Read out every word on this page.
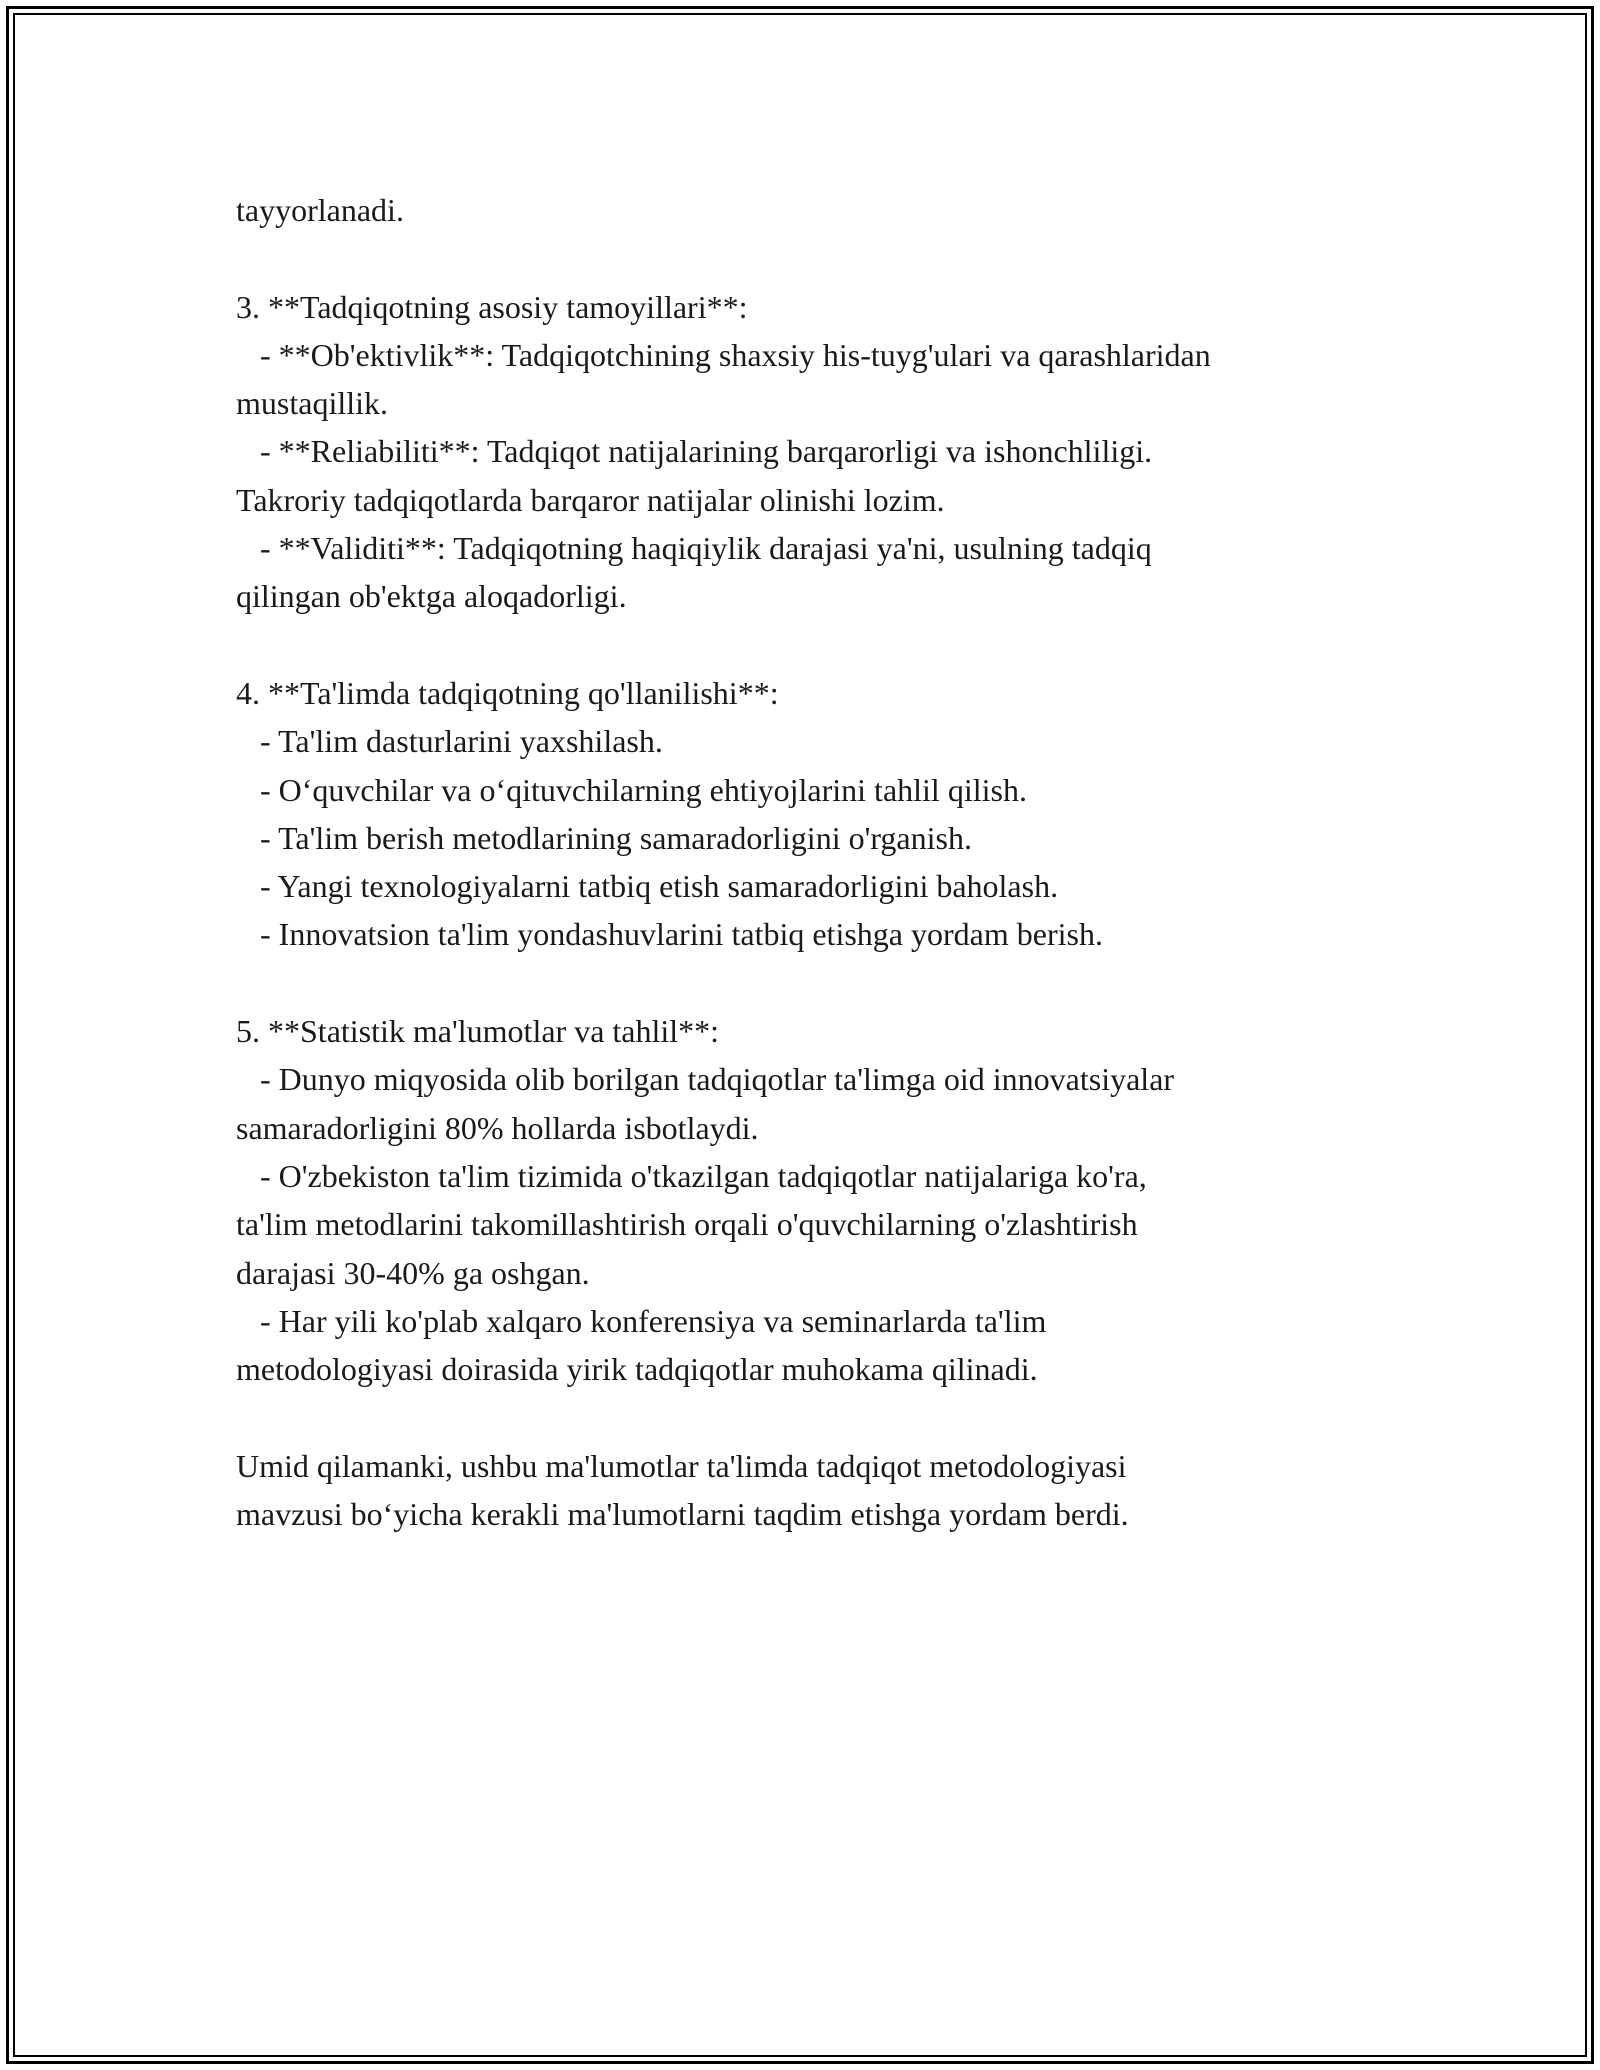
tayyorlanadi.
3. **Tadqiqotning asosiy tamoyillari**:
- **Ob'ektivlik**: Tadqiqotchining shaxsiy his-tuyg'ulari va qarashlaridan
mustaqillik.
- **Reliabiliti**: Tadqiqot natijalarining barqarorligi va ishonchliligi.
Takroriy tadqiqotlarda barqaror natijalar olinishi lozim.
- **Validiti**: Tadqiqotning haqiqiylik darajasi ya'ni, usulning tadqiq
qilingan ob'ektga aloqadorligi.
4. **Ta'limda tadqiqotning qo'llanilishi**:
- Ta'lim dasturlarini yaxshilash.
- O‘quvchilar va o‘qituvchilarning ehtiyojlarini tahlil qilish.
- Ta'lim berish metodlarining samaradorligini o'rganish.
- Yangi texnologiyalarni tatbiq etish samaradorligini baholash.
- Innovatsion ta'lim yondashuvlarini tatbiq etishga yordam berish.
5. **Statistik ma'lumotlar va tahlil**:
- Dunyo miqyosida olib borilgan tadqiqotlar ta'limga oid innovatsiyalar
samaradorligini 80% hollarda isbotlaydi.
- O'zbekiston ta'lim tizimida o'tkazilgan tadqiqotlar natijalariga ko'ra,
ta'lim metodlarini takomillashtirish orqali o'quvchilarning o'zlashtirish
darajasi 30-40% ga oshgan.
- Har yili ko'plab xalqaro konferensiya va seminarlarda ta'lim
metodologiyasi doirasida yirik tadqiqotlar muhokama qilinadi.
Umid qilamanki, ushbu ma'lumotlar ta'limda tadqiqot metodologiyasi
mavzusi bo‘yicha kerakli ma'lumotlarni taqdim etishga yordam berdi.
